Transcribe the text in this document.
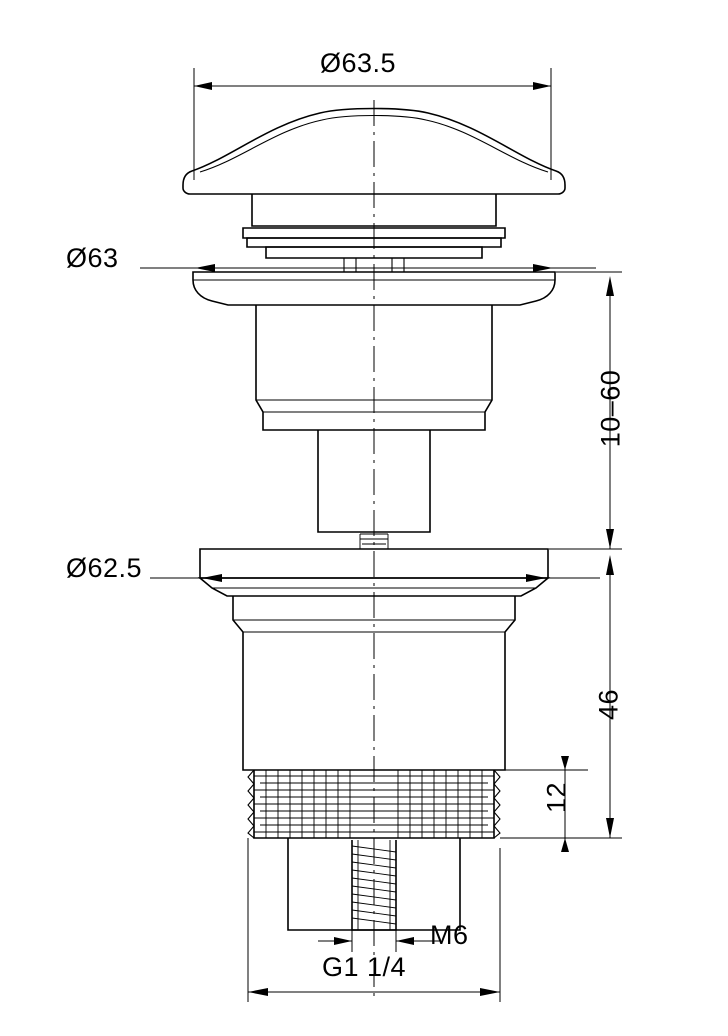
Ø63.5
Ø63
Ø62.5
10–60
46
12
M6
G1 1/4
